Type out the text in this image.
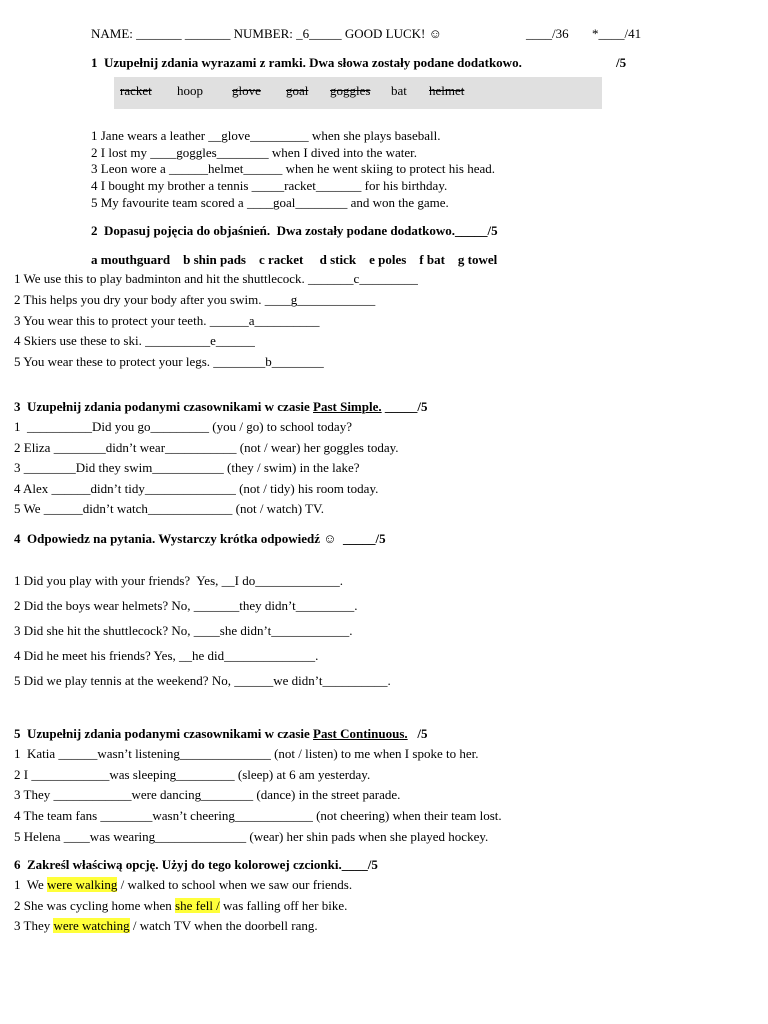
NAME: _______ _______ NUMBER: _6_____ GOOD LUCK! ☺	____/36 *____/41
1  Uzupełnij zdania wyrazami z ramki. Dwa słowa zostały podane dodatkowo.	/5
racket hoop glove goal goggles bat helmet
1 Jane wears a leather __glove_________ when she plays baseball.
2 I lost my ____goggles________ when I dived into the water.
3 Leon wore a ______helmet______ when he went skiing to protect his head.
4 I bought my brother a tennis _____racket_______ for his birthday.
5 My favourite team scored a ____goal________ and won the game.
2  Dopasuj pojęcia do objaśnień.  Dwa zostały podane dodatkowo._____/5
a mouthguard    b shin pads    c racket     d stick    e poles    f bat    g towel
1 We use this to play badminton and hit the shuttlecock. _______c_________
2 This helps you dry your body after you swim. ____g____________
3 You wear this to protect your teeth. ______a__________
4 Skiers use these to ski. __________e______
5 You wear these to protect your legs. ________b________
3  Uzupełnij zdania podanymi czasownikami w czasie Past Simple. _____/5
1  __________Did you go_________ (you / go) to school today?
2 Eliza ________didn’t wear___________ (not / wear) her goggles today.
3 ________Did they swim___________ (they / swim) in the lake?
4 Alex ______didn’t tidy______________ (not / tidy) his room today.
5 We ______didn’t watch_____________ (not / watch) TV.
4  Odpowiedz na pytania. Wystarczy krótka odpowiedź ☺  _____/5
1 Did you play with your friends?  Yes, __I do_____________.
2 Did the boys wear helmets? No, _______they didn’t_________.
3 Did she hit the shuttlecock? No, ____she didn’t____________.
4 Did he meet his friends? Yes, __he did______________.
5 Did we play tennis at the weekend? No, ______we didn’t__________.
5  Uzupełnij zdania podanymi czasownikami w czasie Past Continuous.   /5
1  Katia ______wasn’t listening______________ (not / listen) to me when I spoke to her.
2 I ____________was sleeping_________ (sleep) at 6 am yesterday.
3 They ____________were dancing________ (dance) in the street parade.
4 The team fans ________wasn’t cheering____________ (not cheering) when their team lost.
5 Helena ____was wearing______________ (wear) her shin pads when she played hockey.
6  Zakreśl właściwą opcję. Użyj do tego kolorowej czcionki.____/5
1  We were walking / walked to school when we saw our friends.
2 She was cycling home when she fell / was falling off her bike.
3 They were watching / watch TV when the doorbell rang.
